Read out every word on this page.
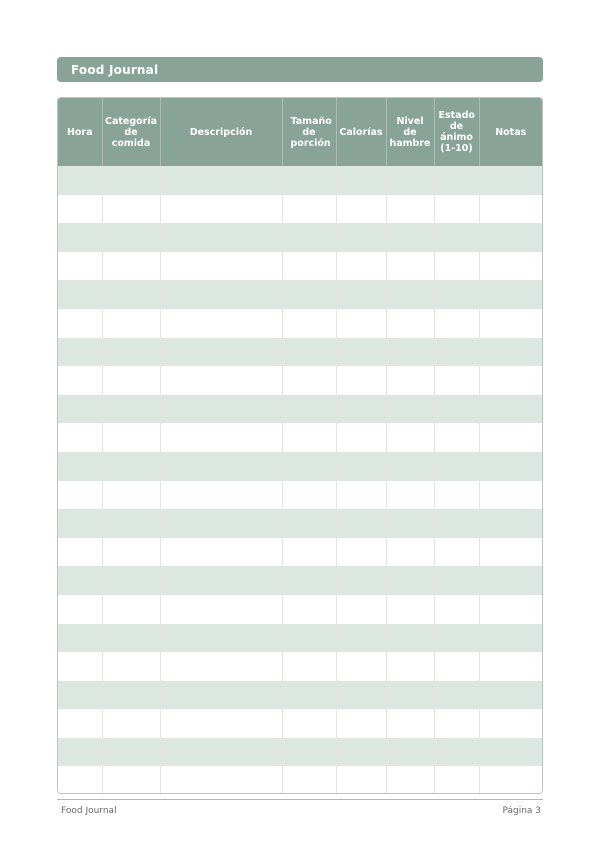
Food Journal
Hora	Categoría de comida	Descripción	Tamaño de porción	Calorías	Nivel de hambre	Estado de ánimo (1-10)	Notas

Food Journal	Página 3
